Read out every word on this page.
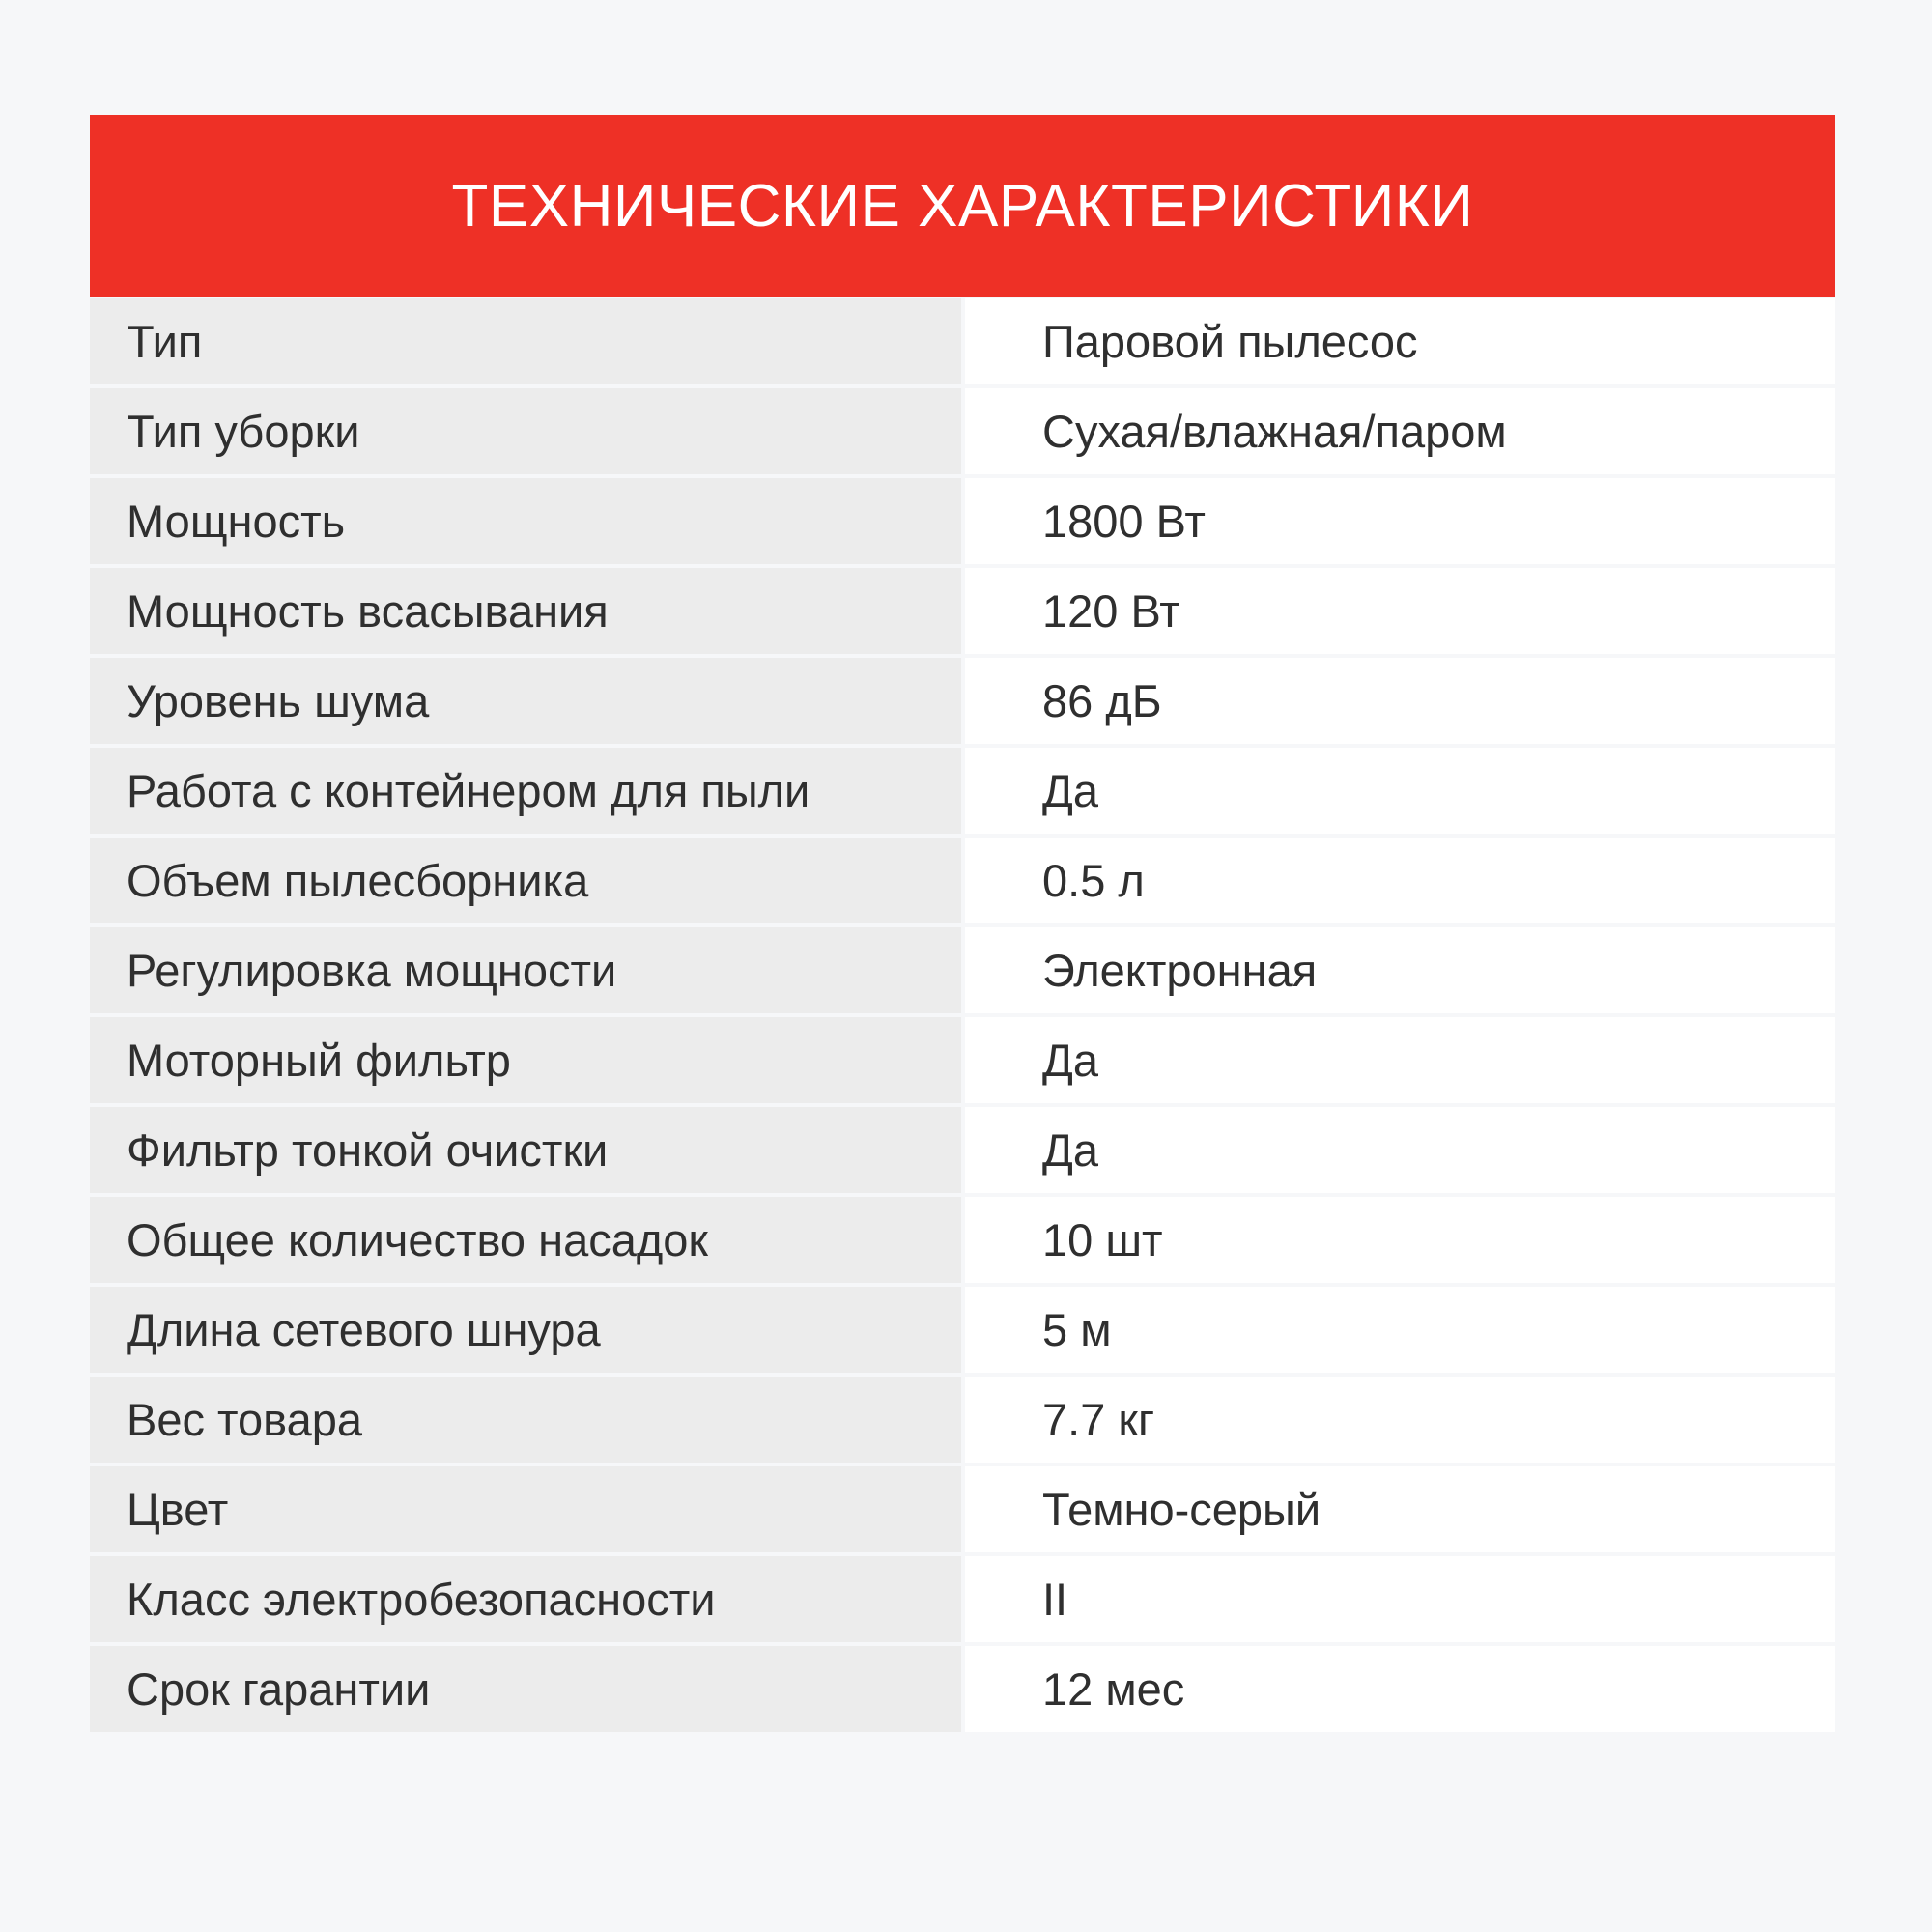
ТЕХНИЧЕСКИЕ ХАРАКТЕРИСТИКИ
Тип	Паровой пылесос
Тип уборки	Сухая/влажная/паром
Мощность	1800 Вт
Мощность всасывания	120 Вт
Уровень шума	86 дБ
Работа с контейнером для пыли	Да
Объем пылесборника	0.5 л
Регулировка мощности	Электронная
Моторный фильтр	Да
Фильтр тонкой очистки	Да
Общее количество насадок	10 шт
Длина сетевого шнура	5 м
Вес товара	7.7 кг
Цвет	Темно-серый
Класс электробезопасности	II
Срок гарантии	12 мес
